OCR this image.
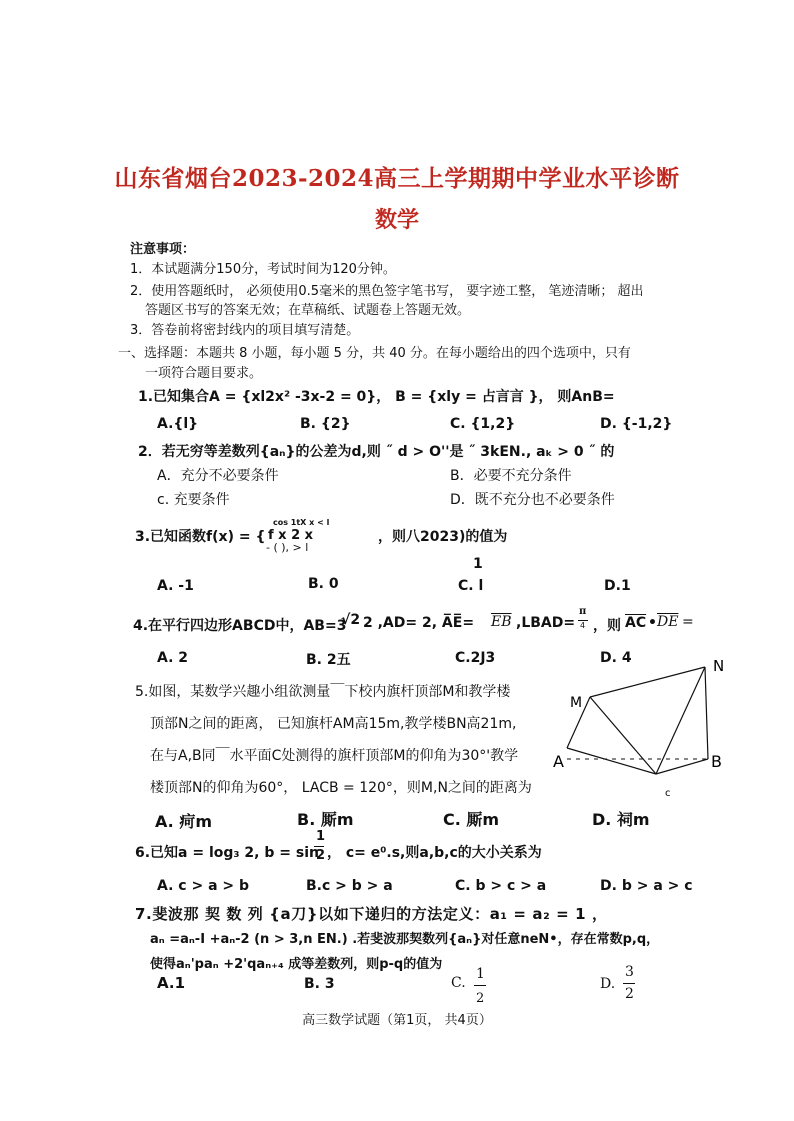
山东省烟台2023-2024高三上学期期中学业水平诊断
数学
注意事项：
1．本试题满分150分，考试时间为120分钟。
2．使用答题纸时， 必须使用0.5毫米的黑色签字笔书写， 要字迹工整， 笔迹清晰； 超出
答题区书写的答案无效；在草稿纸、试题卷上答题无效。
3．答卷前将密封线内的项目填写清楚。
一、选择题：本题共 8 小题，每小题 5 分，共 40 分。在每小题给出的四个选项中，只有
一项符合题目要求。
1.已知集合A = {xl2x² -3x-2 = 0}， B = {xly = 占言言 }， 则AnB=
A.{l}	B. {2}	C. {1,2}	D. {-1,2}
2．若无穷等差数列{aₙ}的公差为d,则 ˝ d > O''是 ˝ 3kEN., aₖ > 0 ˝ 的
A．充分不必要条件	B．必要不充分条件
c. 充要条件	D．既不充分也不必要条件
3.已知函数f(x) = {
cos 1tX x < l
f x 2 x
- ( ), > l
，则八2023)的值为
A. -1	B. 0
1
C. l	D.1
4.在平行四边形ABCD中，AB=3
√2 2 ,AD= 2, A̅E̅= $\overline{EB}$ ,LBAD=
π
4 ，则 $\overline{AC}$ • $\overline{DE}$ =
A. 2	B. 2五	C.2J3	D. 4
5.如图，某数学兴趣小组欲测量￣下校内旗杆顶部M和教学楼
顶部N之间的距离， 已知旗杆AM高15m,教学楼BN高21m,
在与A,B同￣水平面C处测得的旗杆顶部M的仰角为30°'教学
楼顶部N的仰角为60°， LACB = 120°，则M,N之间的距离为
N
M
A	B
c
A. 疴m	B. 厮m	C. 厮m	D. 祠m
6.已知a = log₃ 2, b = sin
1
2 ， c= e⁰.s,则a,b,c的大小关系为
A. c > a > b	B.c > b > a	C. b > c > a	D. b > a > c
7.斐波那 契 数 列 {a刀}以如下递归的方法定义：a₁ = a₂ = 1 ，
aₙ =aₙ-I +aₙ-2 (n > 3,n EN.) .若斐波那契数列{aₙ}对任意neN•，存在常数p,q，
使得aₙ'paₙ +2'qaₙ₊₄ 成等差数列，则p-q的值为
A.1	B. 3	C.
1
2
D.
3
2
高三数学试题（第1页， 共4页）
